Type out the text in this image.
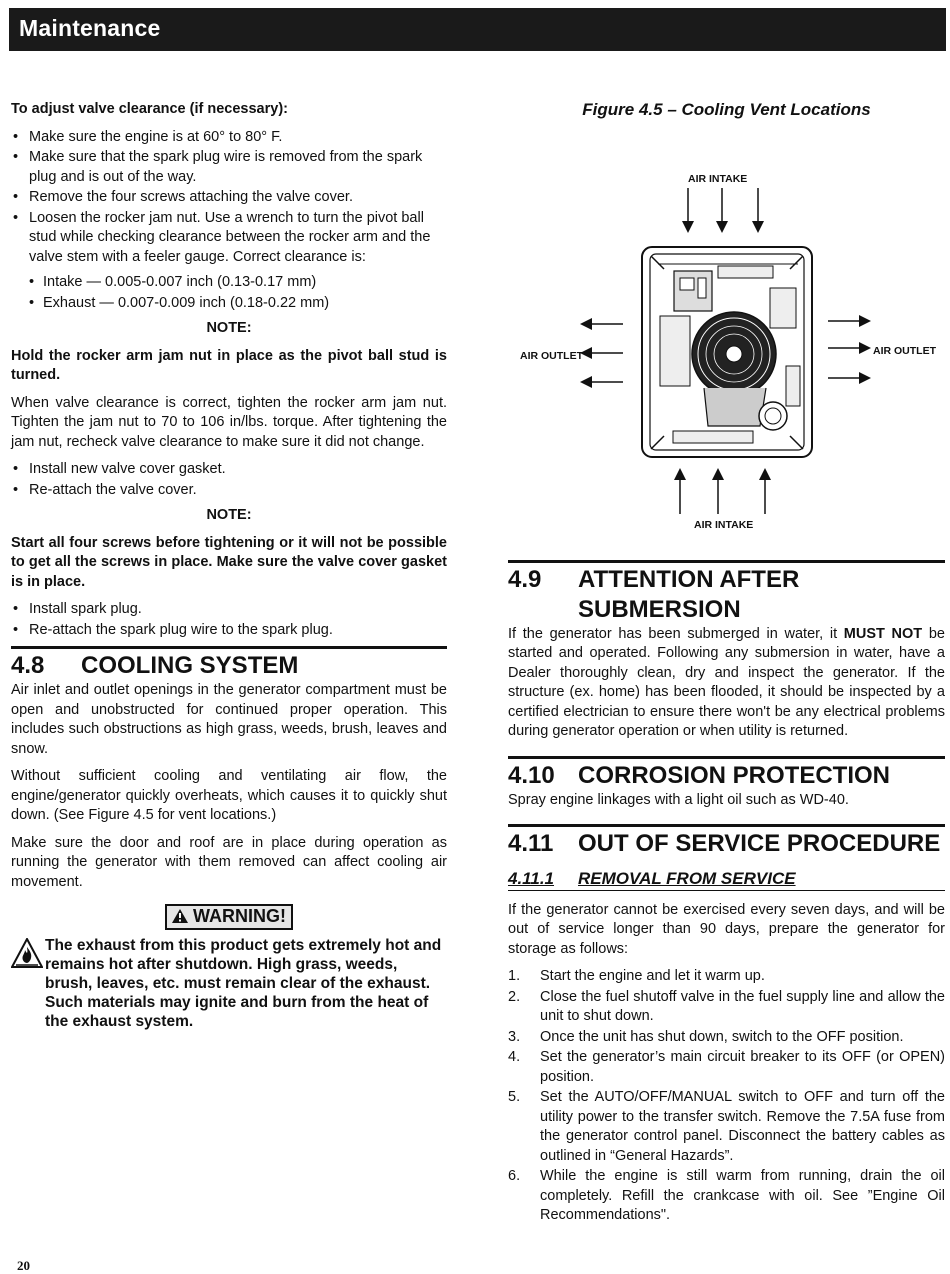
Maintenance

To adjust valve clearance (if necessary):

• Make sure the engine is at 60° to 80° F.
• Make sure that the spark plug wire is removed from the spark plug and is out of the way.
• Remove the four screws attaching the valve cover.
• Loosen the rocker jam nut. Use a wrench to turn the pivot ball stud while checking clearance between the rocker arm and the valve stem with a feeler gauge. Correct clearance is:
• Intake — 0.005-0.007 inch (0.13-0.17 mm)
• Exhaust — 0.007-0.009 inch (0.18-0.22 mm)
NOTE:

Hold the rocker arm jam nut in place as the pivot ball stud is turned.

When valve clearance is correct, tighten the rocker arm jam nut. Tighten the jam nut to 70 to 106 in/lbs. torque. After tightening the jam nut, recheck valve clearance to make sure it did not change.

• Install new valve cover gasket.
• Re-attach the valve cover.
NOTE:

Start all four screws before tightening or it will not be possible to get all the screws in place. Make sure the valve cover gasket is in place.

• Install spark plug.
• Re-attach the spark plug wire to the spark plug.
4.8	COOLING SYSTEM

Air inlet and outlet openings in the generator compartment must be open and unobstructed for continued proper operation. This includes such obstructions as high grass, weeds, brush, leaves and snow.

Without sufficient cooling and ventilating air flow, the engine/generator quickly overheats, which causes it to quickly shut down. (See Figure 4.5 for vent locations.)

Make sure the door and roof are in place during operation as running the generator with them removed can affect cooling air movement.

WARNING!
The exhaust from this product gets extremely hot and remains hot after shutdown. High grass, weeds, brush, leaves, etc. must remain clear of the exhaust. Such materials may ignite and burn from the heat of the exhaust system.
Figure 4.5 – Cooling Vent Locations
AIR INTAKE
AIR INTAKE
AIR OUTLET	AIR OUTLET
4.9	ATTENTION AFTER
SUBMERSION

If the generator has been submerged in water, it MUST NOT be started and operated. Following any submersion in water, have a Dealer thoroughly clean, dry and inspect the generator. If the structure (ex. home) has been flooded, it should be inspected by a certified electrician to ensure there won't be any electrical problems during generator operation or when utility is returned.

4.10 CORROSION PROTECTION

Spray engine linkages with a light oil such as WD-40.

4.11	OUT OF SERVICE PROCEDURE
4.11.1 REMOVAL FROM SERVICE

If the generator cannot be exercised every seven days, and will be out of service longer than 90 days, prepare the generator for storage as follows:

1.	Start the engine and let it warm up.
2.	Close the fuel shutoff valve in the fuel supply line and allow the unit to shut down.
3.	Once the unit has shut down, switch to the OFF position.
4.	Set the generator’s main circuit breaker to its OFF (or OPEN) position.
5.	Set the AUTO/OFF/MANUAL switch to OFF and turn off the utility power to the transfer switch. Remove the 7.5A fuse from the generator control panel. Disconnect the battery cables as outlined in “General Hazards”.
6.	While the engine is still warm from running, drain the oil completely. Refill the crankcase with oil. See ”Engine Oil Recommendations".
20
